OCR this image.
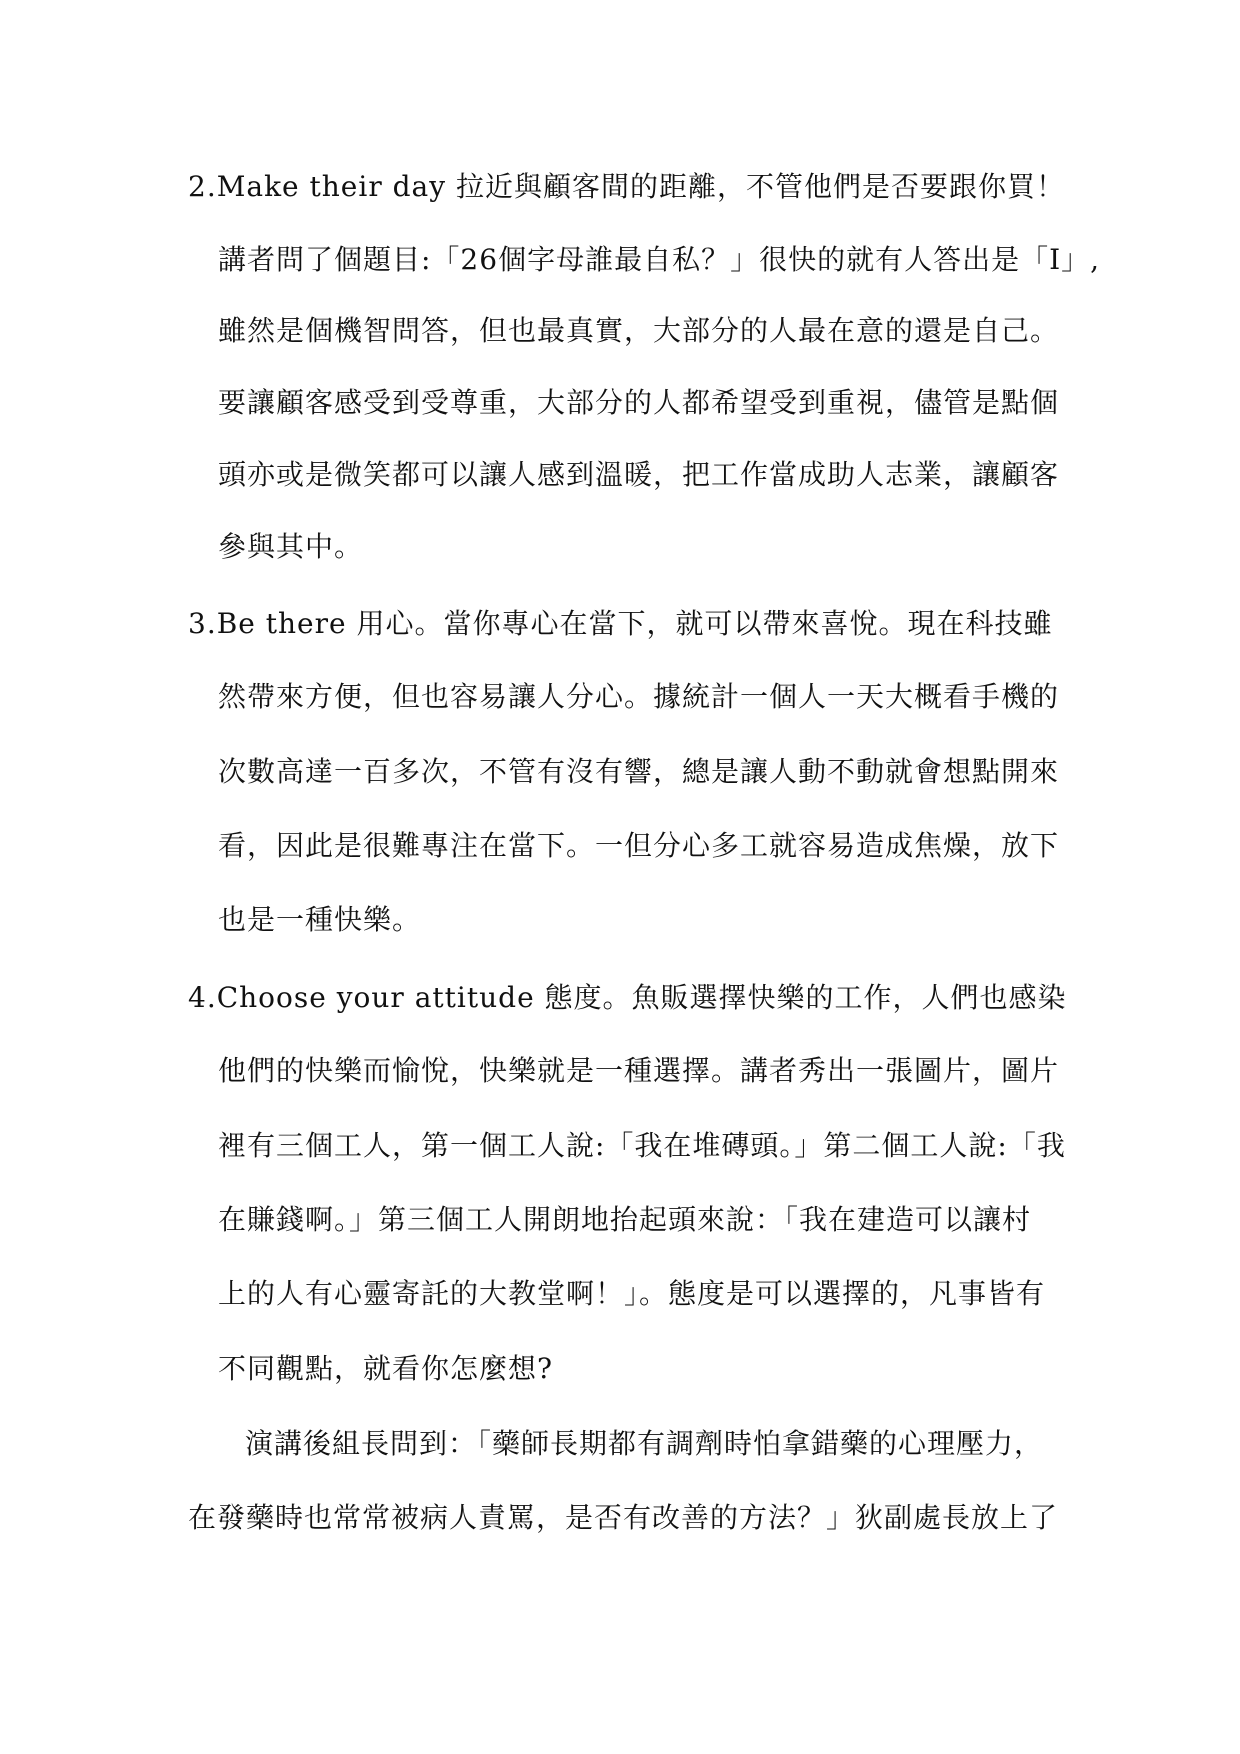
2.Make their day 拉近與顧客間的距離，不管他們是否要跟你買！
講者問了個題目:「26個字母誰最自私？」很快的就有人答出是「I」,
雖然是個機智問答，但也最真實，大部分的人最在意的還是自己。
要讓顧客感受到受尊重，大部分的人都希望受到重視，儘管是點個
頭亦或是微笑都可以讓人感到溫暖，把工作當成助人志業，讓顧客
參與其中。
3.Be there 用心。當你專心在當下，就可以帶來喜悅。現在科技雖
然帶來方便，但也容易讓人分心。據統計一個人一天大概看手機的
次數高達一百多次，不管有沒有響，總是讓人動不動就會想點開來
看，因此是很難專注在當下。一但分心多工就容易造成焦燥，放下
也是一種快樂。
4.Choose your attitude 態度。魚販選擇快樂的工作，人們也感染
他們的快樂而愉悅，快樂就是一種選擇。講者秀出一張圖片，圖片
裡有三個工人，第一個工人說:「我在堆磚頭。」第二個工人說:「我
在賺錢啊。」第三個工人開朗地抬起頭來說：「我在建造可以讓村
上的人有心靈寄託的大教堂啊！」。態度是可以選擇的，凡事皆有
不同觀點，就看你怎麼想?
演講後組長問到：「藥師長期都有調劑時怕拿錯藥的心理壓力，
在發藥時也常常被病人責罵，是否有改善的方法？」狄副處長放上了
